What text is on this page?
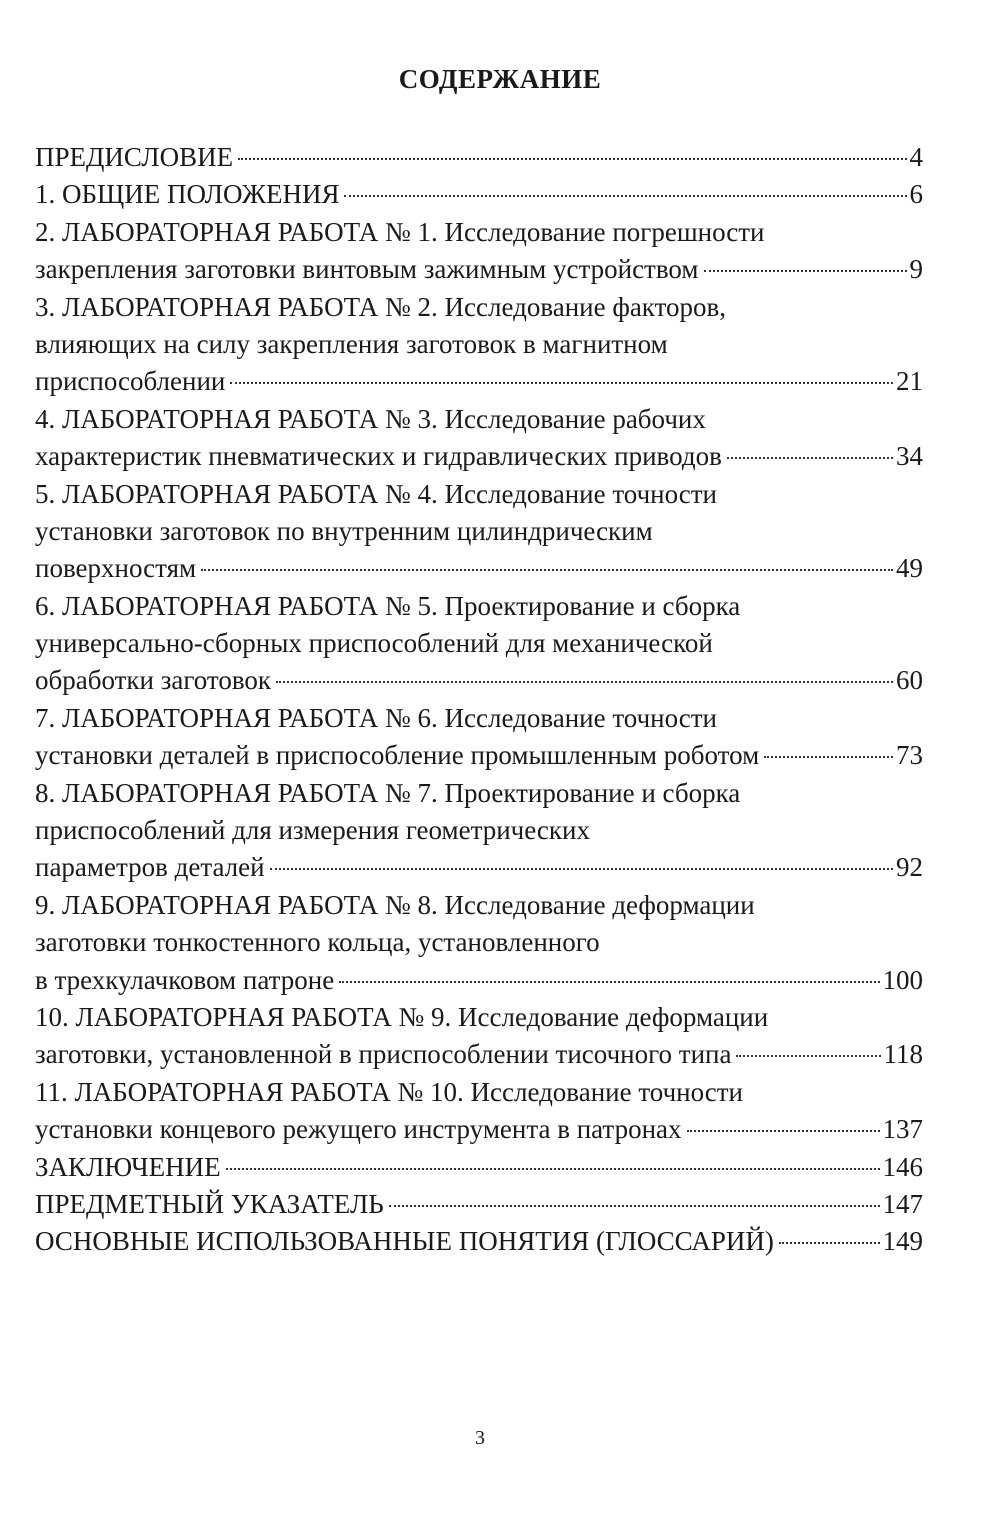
СОДЕРЖАНИЕ
ПРЕДИСЛОВИЕ	4
1. ОБЩИЕ ПОЛОЖЕНИЯ	6
2. ЛАБОРАТОРНАЯ РАБОТА № 1. Исследование погрешности
закрепления заготовки винтовым зажимным устройством	9
3. ЛАБОРАТОРНАЯ РАБОТА № 2. Исследование факторов,
влияющих на силу закрепления заготовок в магнитном
приспособлении	21
4. ЛАБОРАТОРНАЯ РАБОТА № 3. Исследование рабочих
характеристик пневматических и гидравлических приводов	34
5. ЛАБОРАТОРНАЯ РАБОТА № 4. Исследование точности
установки заготовок по внутренним цилиндрическим
поверхностям	49
6. ЛАБОРАТОРНАЯ РАБОТА № 5. Проектирование и сборка
универсально-сборных приспособлений для механической
обработки заготовок	60
7. ЛАБОРАТОРНАЯ РАБОТА № 6. Исследование точности
установки деталей в приспособление промышленным роботом	73
8. ЛАБОРАТОРНАЯ РАБОТА № 7. Проектирование и сборка
приспособлений для измерения геометрических
параметров деталей	92
9. ЛАБОРАТОРНАЯ РАБОТА № 8. Исследование деформации
заготовки тонкостенного кольца, установленного
в трехкулачковом патроне	100
10. ЛАБОРАТОРНАЯ РАБОТА № 9. Исследование деформации
заготовки, установленной в приспособлении тисочного типа	118
11. ЛАБОРАТОРНАЯ РАБОТА № 10. Исследование точности
установки концевого режущего инструмента в патронах	137
ЗАКЛЮЧЕНИЕ	146
ПРЕДМЕТНЫЙ УКАЗАТЕЛЬ	147
ОСНОВНЫЕ ИСПОЛЬЗОВАННЫЕ ПОНЯТИЯ (ГЛОССАРИЙ)	149
3
